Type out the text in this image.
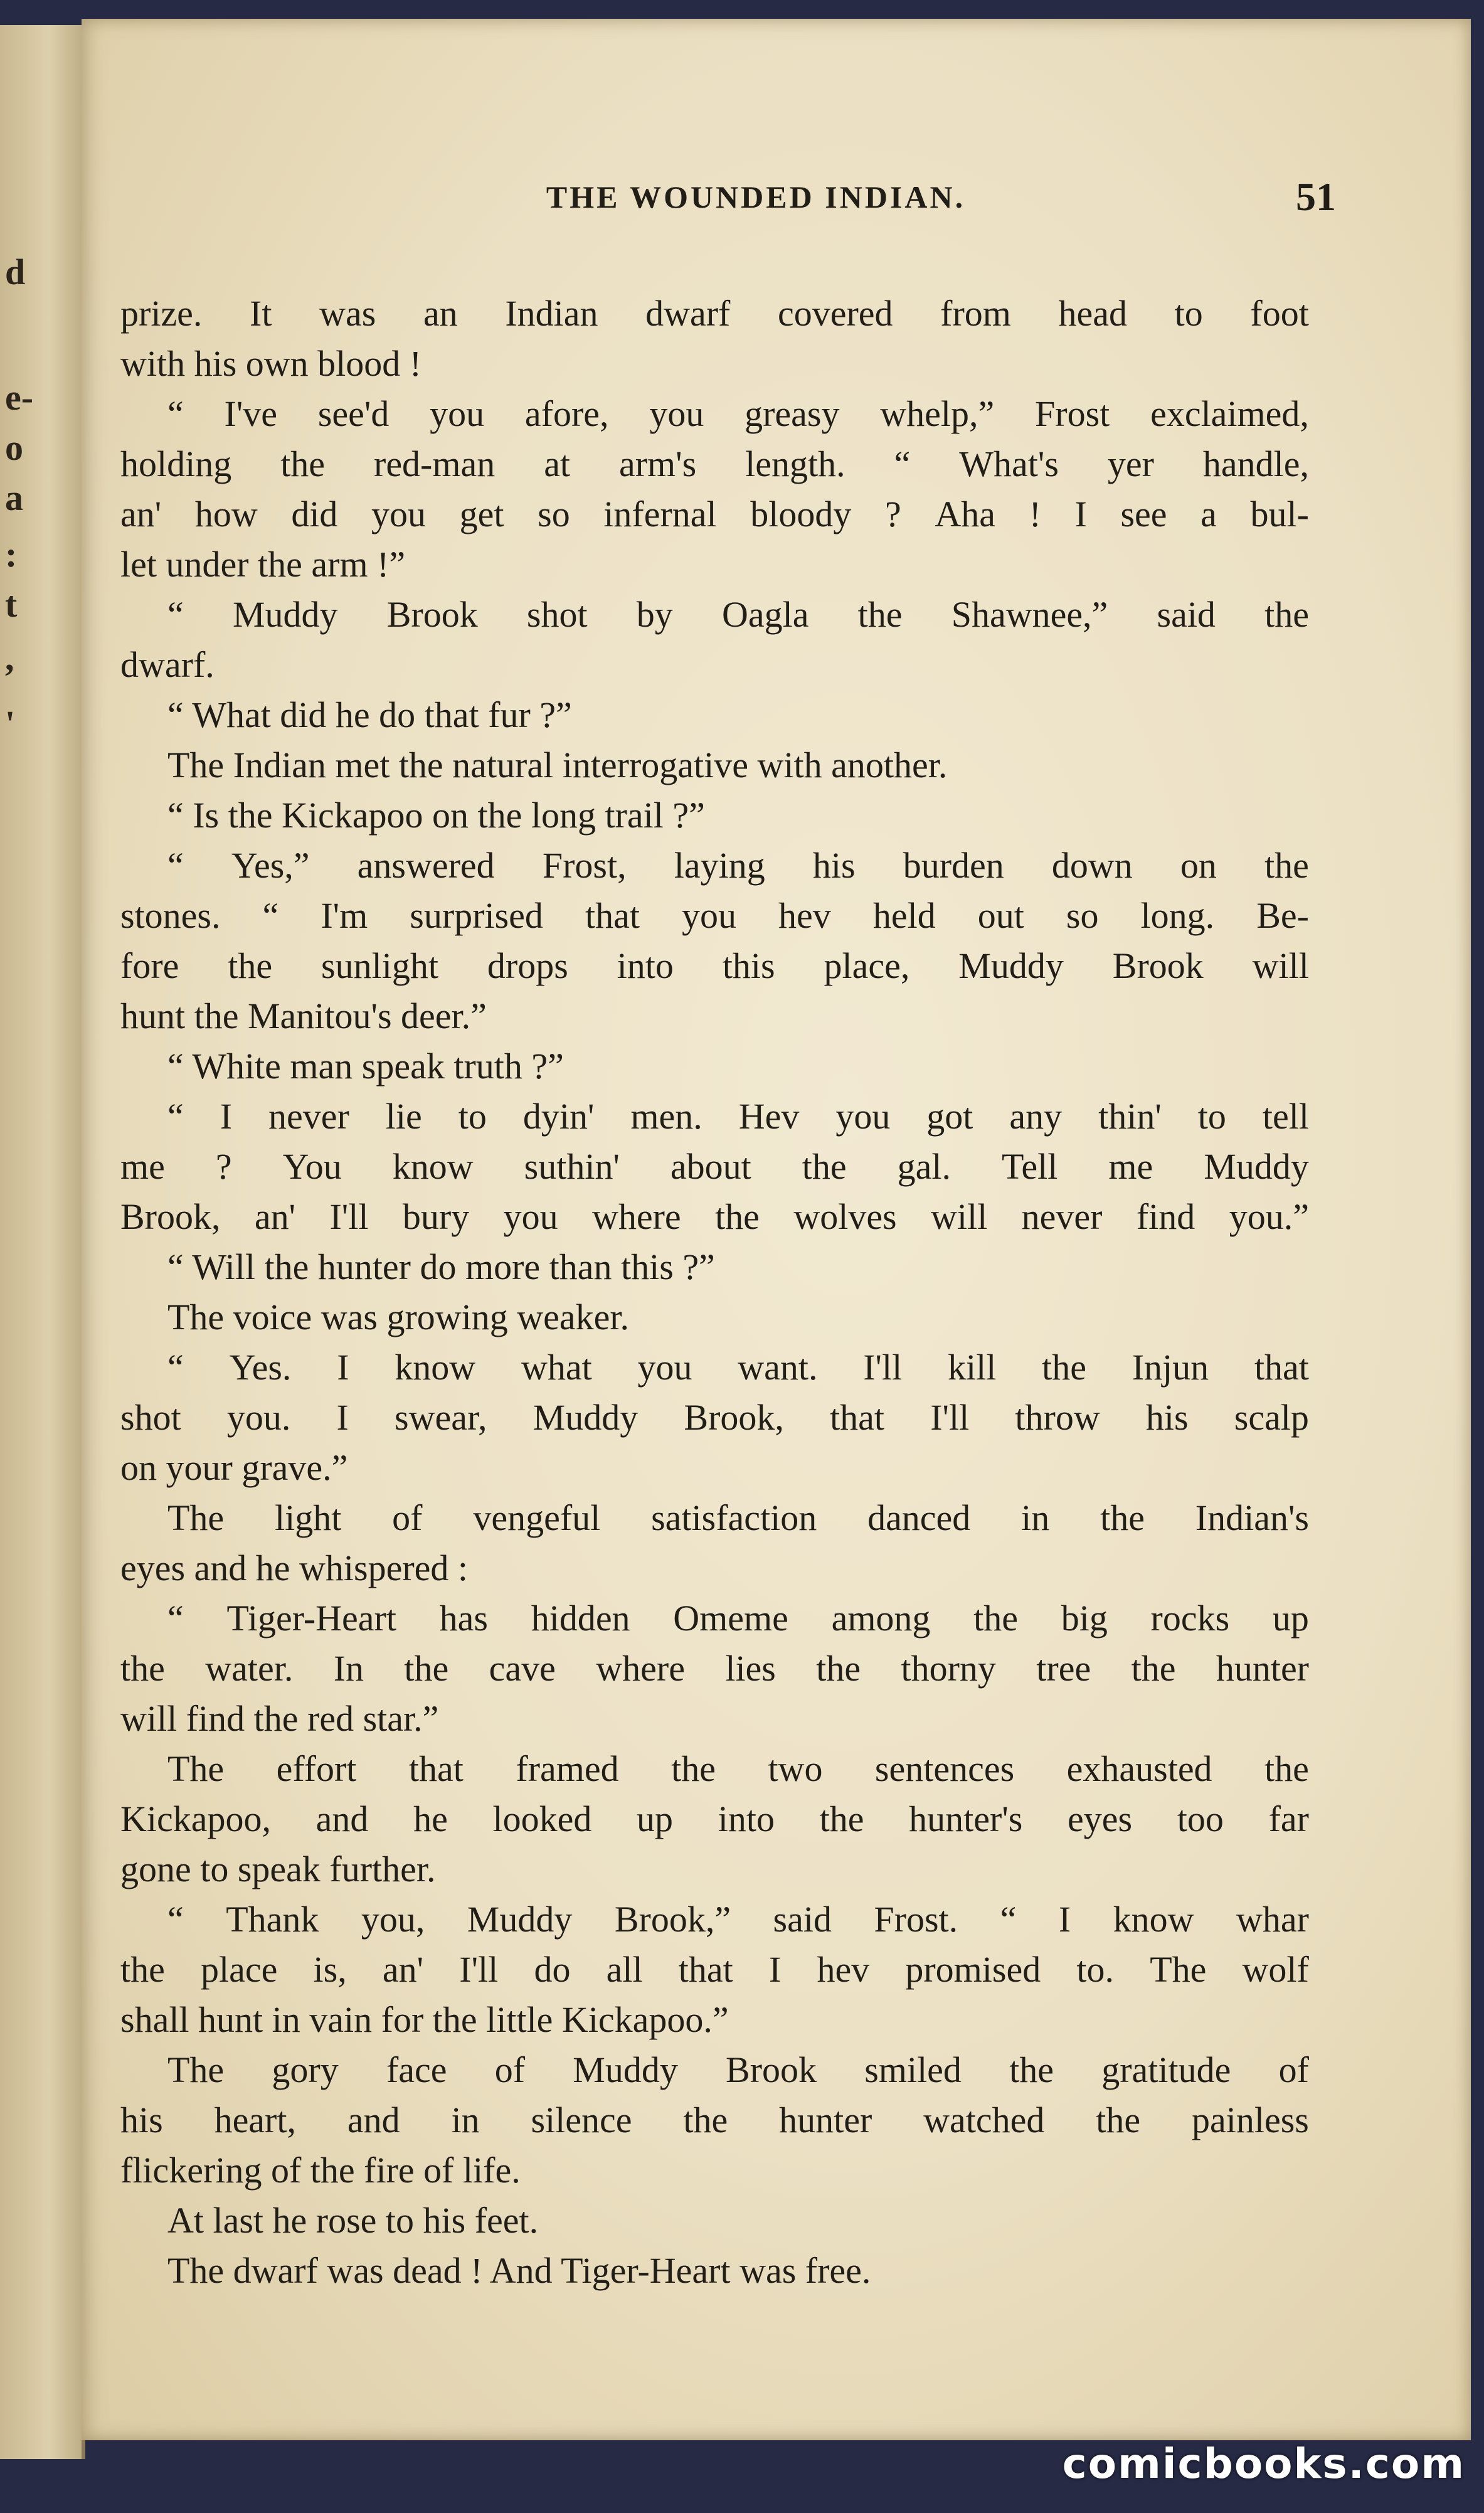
d
e-
o
a
:
t
,
'
THE WOUNDED INDIAN.	51
prize. It was an Indian dwarf covered from head to foot
with his own blood !
“ I've see'd you afore, you greasy whelp,” Frost exclaimed,
holding the red-man at arm's length. “ What's yer handle,
an' how did you get so infernal bloody ? Aha ! I see a bul-
let under the arm !”
“ Muddy Brook shot by Oagla the Shawnee,” said the
dwarf.
“ What did he do that fur ?”
The Indian met the natural interrogative with another.
“ Is the Kickapoo on the long trail ?”
“ Yes,” answered Frost, laying his burden down on the
stones. “ I'm surprised that you hev held out so long. Be-
fore the sunlight drops into this place, Muddy Brook will
hunt the Manitou's deer.”
“ White man speak truth ?”
“ I never lie to dyin' men. Hev you got any thin' to tell
me ? You know suthin' about the gal. Tell me Muddy
Brook, an' I'll bury you where the wolves will never find you.”
“ Will the hunter do more than this ?”
The voice was growing weaker.
“ Yes. I know what you want. I'll kill the Injun that
shot you. I swear, Muddy Brook, that I'll throw his scalp
on your grave.”
The light of vengeful satisfaction danced in the Indian's
eyes and he whispered :
“ Tiger-Heart has hidden Omeme among the big rocks up
the water. In the cave where lies the thorny tree the hunter
will find the red star.”
The effort that framed the two sentences exhausted the
Kickapoo, and he looked up into the hunter's eyes too far
gone to speak further.
“ Thank you, Muddy Brook,” said Frost. “ I know whar
the place is, an' I'll do all that I hev promised to. The wolf
shall hunt in vain for the little Kickapoo.”
The gory face of Muddy Brook smiled the gratitude of
his heart, and in silence the hunter watched the painless
flickering of the fire of life.
At last he rose to his feet.
The dwarf was dead ! And Tiger-Heart was free.
comicbooks.com
